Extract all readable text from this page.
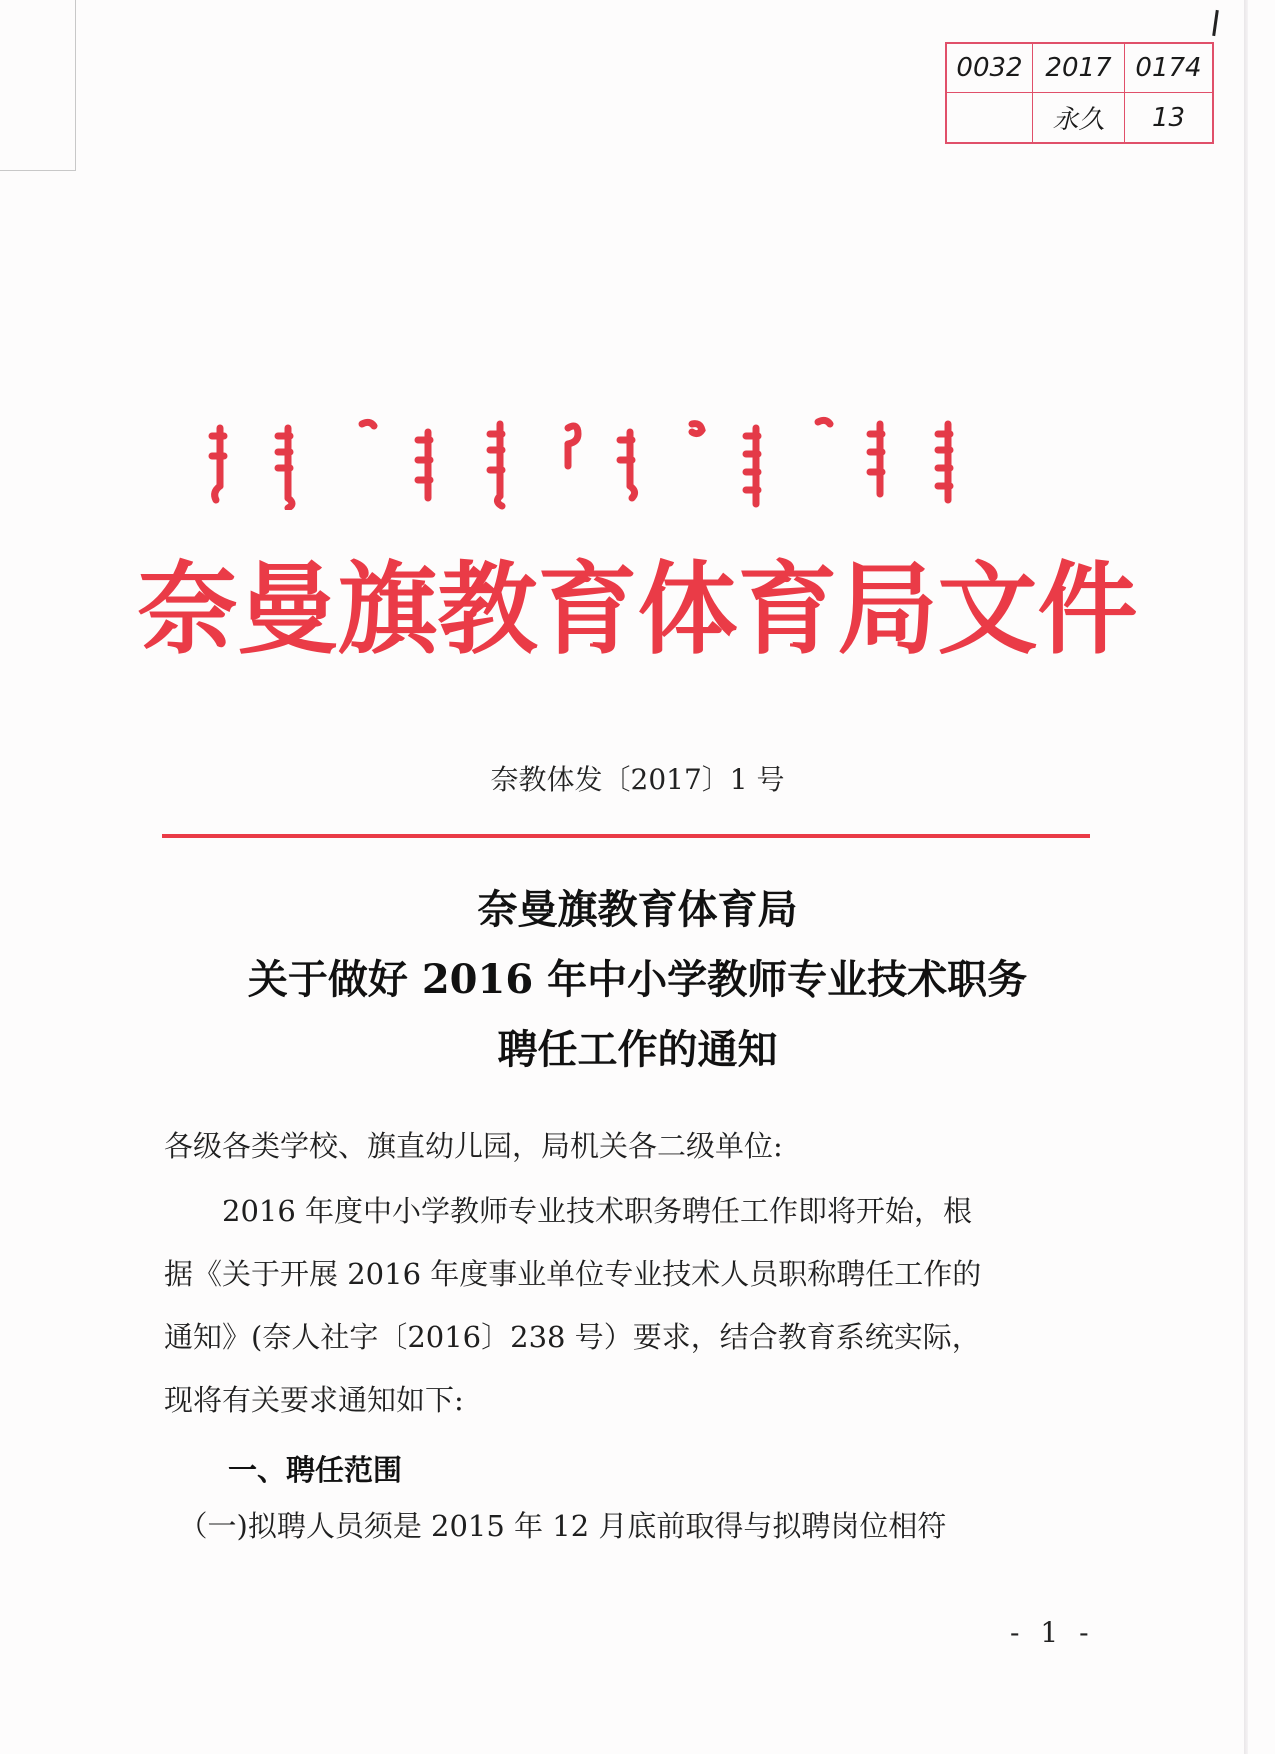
0032 2017 0174
永久	13
奈曼旗教育体育局文件
奈教体发〔2017〕1 号
奈曼旗教育体育局
关于做好 2016 年中小学教师专业技术职务
聘任工作的通知
各级各类学校、旗直幼儿园，局机关各二级单位:
　　2016 年度中小学教师专业技术职务聘任工作即将开始，根
据《关于开展 2016 年度事业单位专业技术人员职称聘任工作的
通知》(奈人社字〔2016〕238 号）要求，结合教育系统实际，
现将有关要求通知如下:
一、聘任范围
　（一)拟聘人员须是 2015 年 12 月底前取得与拟聘岗位相符
- 1 -
